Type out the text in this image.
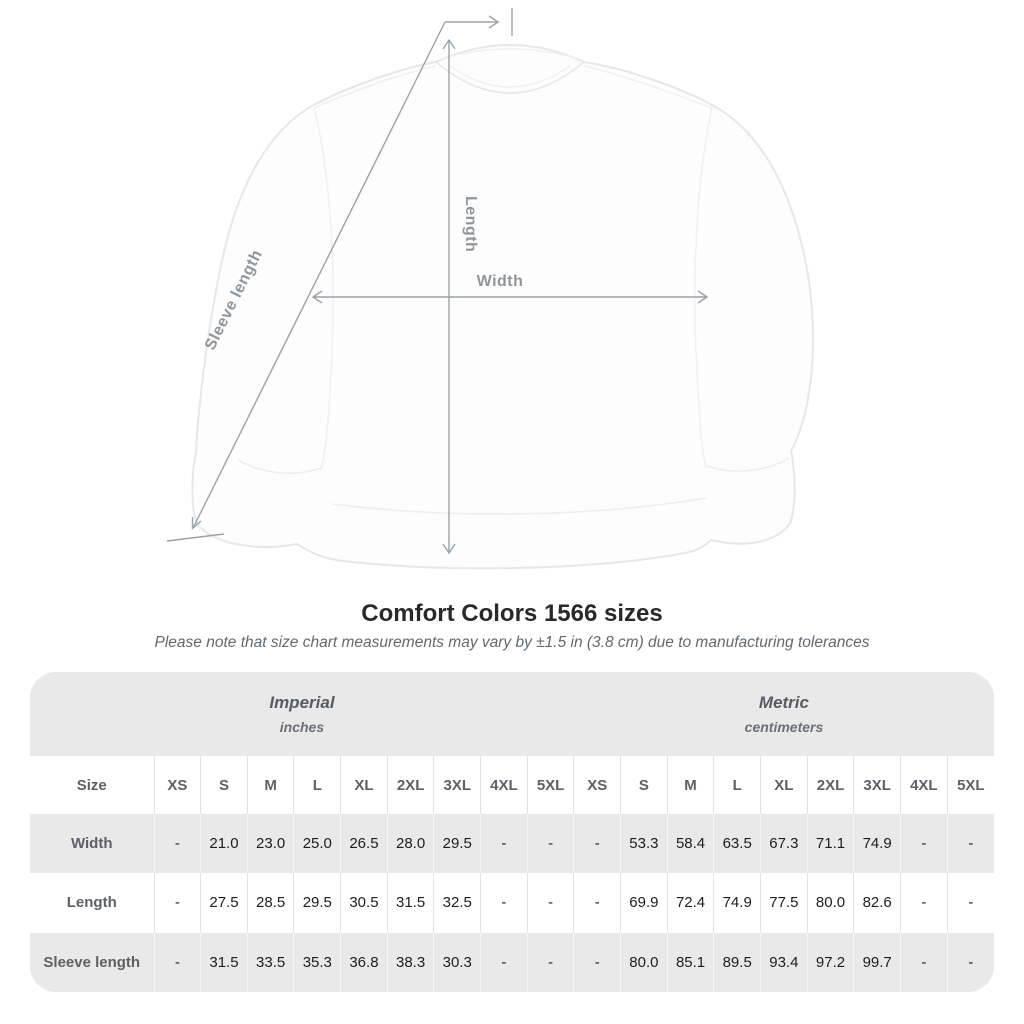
Width
Length
Sleeve length
Comfort Colors 1566 sizes
Please note that size chart measurements may vary by ±1.5 in (3.8 cm) due to manufacturing tolerances
Imperial
inches

Metric
centimeters

Size	XS	S	M	L	XL	2XL	3XL	4XL	5XL	XS	S	M	L	XL	2XL	3XL	4XL	5XL
Width	-	21.0	23.0	25.0	26.5	28.0	29.5	-	-	-	53.3	58.4	63.5	67.3	71.1	74.9	-	-
Length	-	27.5	28.5	29.5	30.5	31.5	32.5	-	-	-	69.9	72.4	74.9	77.5	80.0	82.6	-	-
Sleeve length	-	31.5	33.5	35.3	36.8	38.3	30.3	-	-	-	80.0	85.1	89.5	93.4	97.2	99.7	-	-
